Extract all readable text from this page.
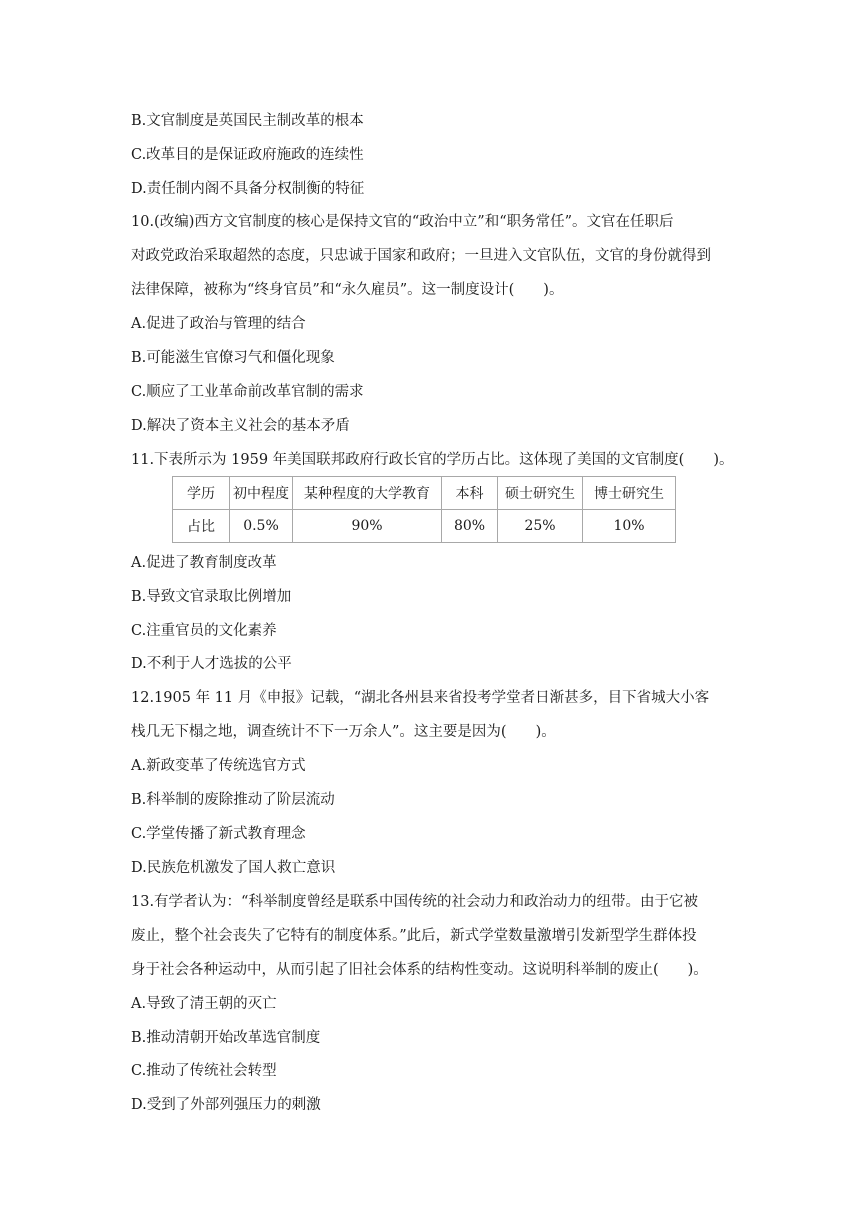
B.文官制度是英国民主制改革的根本
C.改革目的是保证政府施政的连续性
D.责任制内阁不具备分权制衡的特征
10.(改编)西方文官制度的核心是保持文官的“政治中立”和“职务常任”。文官在任职后
对政党政治采取超然的态度，只忠诚于国家和政府；一旦进入文官队伍，文官的身份就得到
法律保障，被称为“终身官员”和“永久雇员”。这一制度设计(　　)。
A.促进了政治与管理的结合
B.可能滋生官僚习气和僵化现象
C.顺应了工业革命前改革官制的需求
D.解决了资本主义社会的基本矛盾
11.下表所示为 1959 年美国联邦政府行政长官的学历占比。这体现了美国的文官制度(　　)。
学历	初中程度	某种程度的大学教育	本科	硕士研究生	博士研究生
占比	0.5%	90%	80%	25%	10%
A.促进了教育制度改革
B.导致文官录取比例增加
C.注重官员的文化素养
D.不利于人才选拔的公平
12.1905 年 11 月《申报》记载，“湖北各州县来省投考学堂者日渐甚多，目下省城大小客
栈几无下榻之地，调查统计不下一万余人”。这主要是因为(　　)。
A.新政变革了传统选官方式
B.科举制的废除推动了阶层流动
C.学堂传播了新式教育理念
D.民族危机激发了国人救亡意识
13.有学者认为：“科举制度曾经是联系中国传统的社会动力和政治动力的纽带。由于它被
废止，整个社会丧失了它特有的制度体系。”此后，新式学堂数量激增引发新型学生群体投
身于社会各种运动中，从而引起了旧社会体系的结构性变动。这说明科举制的废止(　　)。
A.导致了清王朝的灭亡
B.推动清朝开始改革选官制度
C.推动了传统社会转型
D.受到了外部列强压力的刺激
